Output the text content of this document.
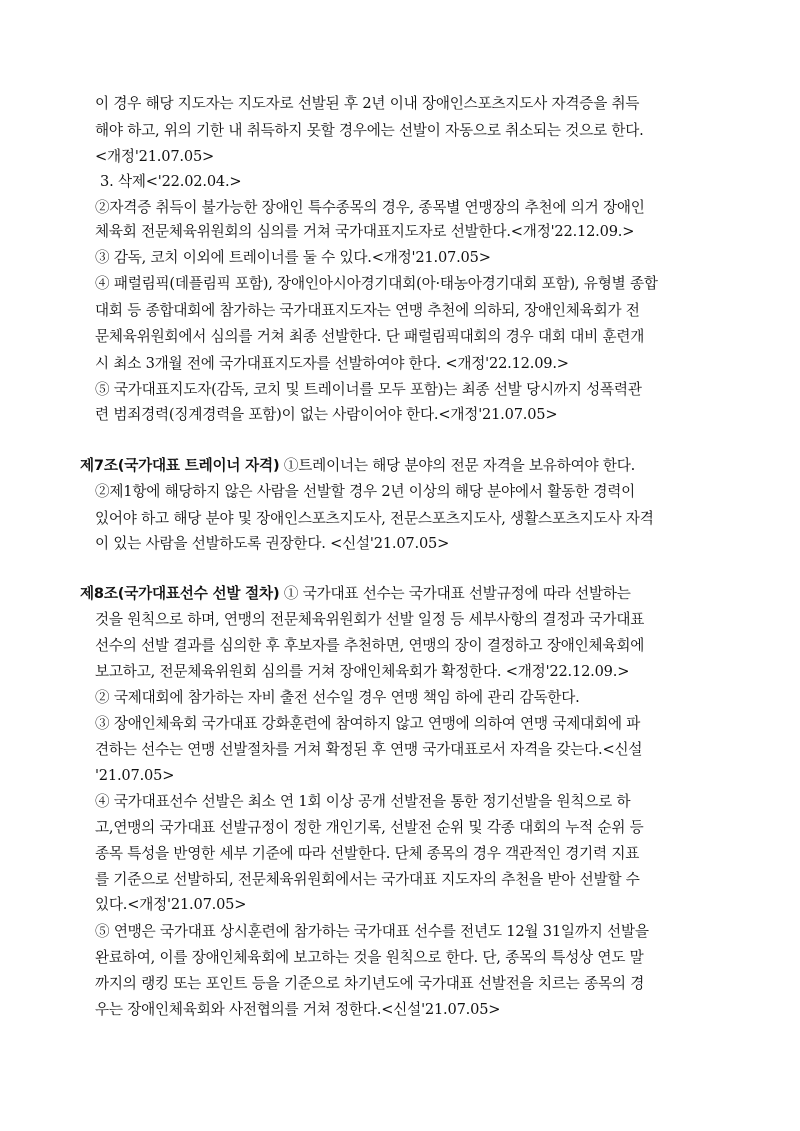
이 경우 해당 지도자는 지도자로 선발된 후 2년 이내 장애인스포츠지도사 자격증을 취득
해야 하고, 위의 기한 내 취득하지 못할 경우에는 선발이 자동으로 취소되는 것으로 한다.
<개정'21.07.05>
3. 삭제<'22.02.04.>
②자격증 취득이 불가능한 장애인 특수종목의 경우, 종목별 연맹장의 추천에 의거 장애인
체육회 전문체육위원회의 심의를 거쳐 국가대표지도자로 선발한다.<개정'22.12.09.>
③ 감독, 코치 이외에 트레이너를 둘 수 있다.<개정'21.07.05>
④ 패럴림픽(데플림픽 포함), 장애인아시아경기대회(아·태농아경기대회 포함), 유형별 종합
대회 등 종합대회에 참가하는 국가대표지도자는 연맹 추천에 의하되, 장애인체육회가 전
문체육위원회에서 심의를 거쳐 최종 선발한다. 단 패럴림픽대회의 경우 대회 대비 훈련개
시 최소 3개월 전에 국가대표지도자를 선발하여야 한다. <개정'22.12.09.>
⑤ 국가대표지도자(감독, 코치 및 트레이너를 모두 포함)는 최종 선발 당시까지 성폭력관
련 범죄경력(징계경력을 포함)이 없는 사람이어야 한다.<개정'21.07.05>
제7조(국가대표 트레이너 자격) ①트레이너는 해당 분야의 전문 자격을 보유하여야 한다.
②제1항에 해당하지 않은 사람을 선발할 경우 2년 이상의 해당 분야에서 활동한 경력이
있어야 하고 해당 분야 및 장애인스포츠지도사, 전문스포츠지도사, 생활스포츠지도사 자격
이 있는 사람을 선발하도록 권장한다. <신설'21.07.05>
제8조(국가대표선수 선발 절차) ① 국가대표 선수는 국가대표 선발규정에 따라 선발하는
것을 원칙으로 하며, 연맹의 전문체육위원회가 선발 일정 등 세부사항의 결정과 국가대표
선수의 선발 결과를 심의한 후 후보자를 추천하면, 연맹의 장이 결정하고 장애인체육회에
보고하고, 전문체육위원회 심의를 거쳐 장애인체육회가 확정한다. <개정'22.12.09.>
② 국제대회에 참가하는 자비 출전 선수일 경우 연맹 책임 하에 관리 감독한다.
③ 장애인체육회 국가대표 강화훈련에 참여하지 않고 연맹에 의하여 연맹 국제대회에 파
견하는 선수는 연맹 선발절차를 거쳐 확정된 후 연맹 국가대표로서 자격을 갖는다.<신설
'21.07.05>
④ 국가대표선수 선발은 최소 연 1회 이상 공개 선발전을 통한 정기선발을 원칙으로 하
고,연맹의 국가대표 선발규정이 정한 개인기록, 선발전 순위 및 각종 대회의 누적 순위 등
종목 특성을 반영한 세부 기준에 따라 선발한다. 단체 종목의 경우 객관적인 경기력 지표
를 기준으로 선발하되, 전문체육위원회에서는 국가대표 지도자의 추천을 받아 선발할 수
있다.<개정'21.07.05>
⑤ 연맹은 국가대표 상시훈련에 참가하는 국가대표 선수를 전년도 12월 31일까지 선발을
완료하여, 이를 장애인체육회에 보고하는 것을 원칙으로 한다. 단, 종목의 특성상 연도 말
까지의 랭킹 또는 포인트 등을 기준으로 차기년도에 국가대표 선발전을 치르는 종목의 경
우는 장애인체육회와 사전협의를 거쳐 정한다.<신설'21.07.05>
